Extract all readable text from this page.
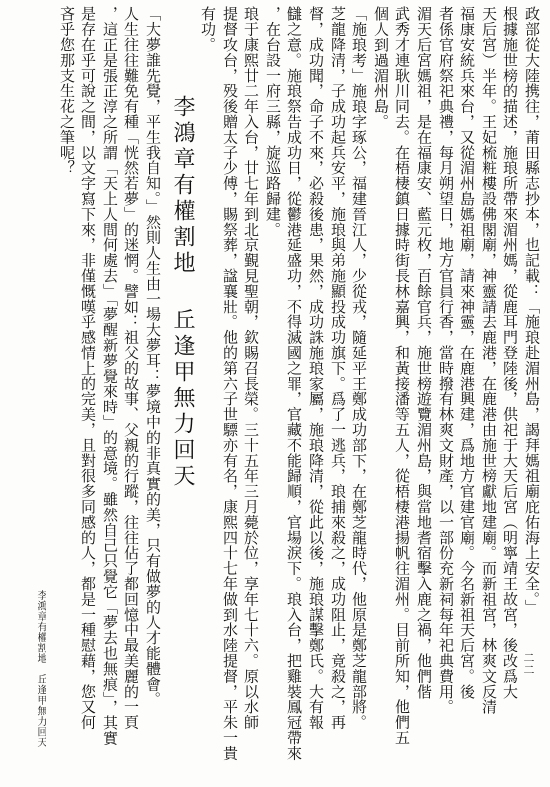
政部從大陸携往，莆田縣志抄本，也記載：「施琅赴湄州島，謁拜媽祖廟庇佑海上安全。」
根據施世榜的描述，施琅所帶來湄州媽，從鹿耳門登陸後，供祀于大天后宮（明寧靖王故宮，後改爲大
天后宮）半年。王妃梳粧樓設佛閣廟，神靈請去鹿港，在鹿港由施世榜獻地建廟。而新祖宮，林爽文反清
福康安統兵來台，又從湄州島媽祖廟，請來神靈，在鹿港興建，爲地方官建官廟。今名新祖天后宮。後
者係官府祭祀典禮，每月朔望日，地方官員行香，當時撥有林爽文財產，以一部份充新祠每年祀典費用。
湄天后宮媽祖，是在福康安、藍元枚，百餘官兵，施世榜遊覽湄州島，與當地耆宿擊入鹿之禍，他們偕
武秀才連耿川同去。在梧棲鎮日據時街長林嘉興，和黃接潘等五人，從梧棲港揚帆往湄州。目前所知，他們五
個人到過湄州島。
「施琅考」施琅字琢公，福建晉江人，少從戎，隨延平王鄭成功部下，在鄭芝龍時代，他原是鄭芝龍部將。
芝龍降清，子成功起兵安平，施琅與弟施顯投成功旗下。爲了一逃兵，琅捕來殺之，成功阻止，竟殺之，再
督，成功聞，命子不來，必殺後患，果然，成功誅施琅家屬，施琅降清，從此以後，施琅謀擊鄭氏。大有報
讎之意。施琅祭告成功日，從鬱港延盛功，不得滅國之罪，官藏不能歸順，官場淚下。琅入台，把雞裝鳳冠帶來
，在台設一府三縣，旋巡路歸建。
琅于康熙廿二年入台，廿七年到北京覲見聖朝，欽賜召長榮。三十五年三月薨於位，享年七十六。原以水師
提督攻台，殁後贈太子少傅，賜祭葬，諡襄壯。他的第六子世驃亦有名，康熙四十七年做到水陸提督，平朱一貴
有功。
李鴻章有權割地
丘逢甲無力回天
「大夢誰先覺，平生我自知。」然則人生由一場大夢耳：夢境中的非真實的美，只有做夢的人才能體會。
人生往往難免有種「恍然若夢」的迷惘。譬如：祖父的故事、父親的行蹤，往往佔了都回憶中最美麗的一頁
，這正是張正淳之所謂「天上人間何處去」「夢醒新夢覺來時」的意境。雖然自己只覺它「夢去也無痕」，其實
是存在乎可說之間，以文字寫下來，非僅慨嘆乎感情上的完美，且對很多同感的人，都是一種慰藉，您又何
吝乎您那支生花之筆呢？
李鴻章有權割地　丘逢甲無力回天	二二
